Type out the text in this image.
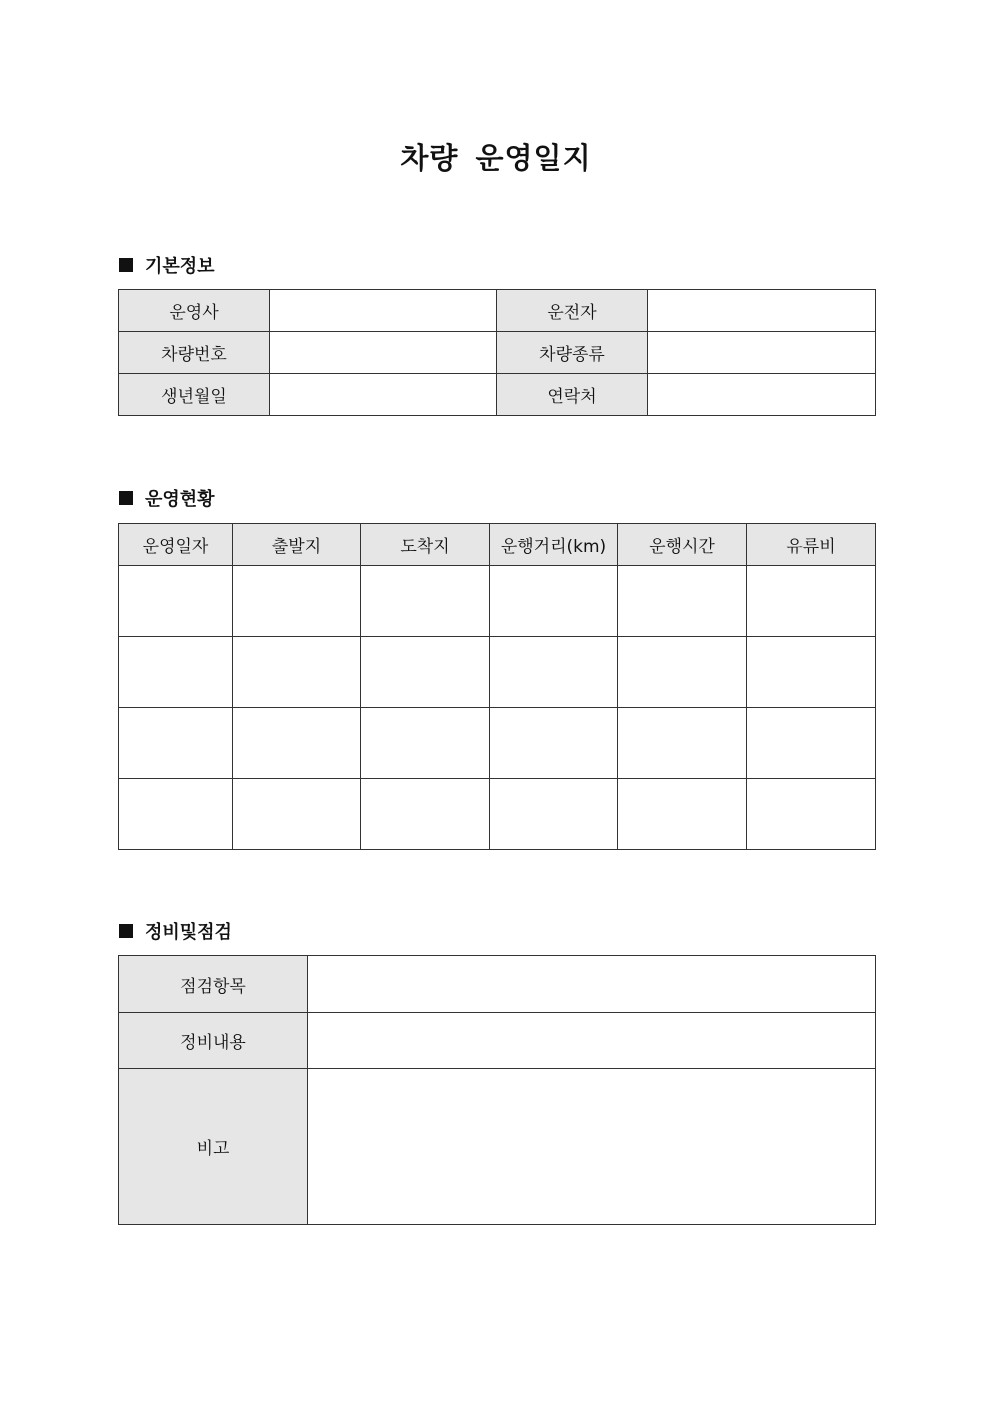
차량 운영일지
기본정보
운영사		운전자	
차량번호		차량종류	
생년월일		연락처	
운영현황
운영일자	출발지	도착지	운행거리(km)	운행시간	유류비

정비및점검
점검항목	
정비내용	
비고	
